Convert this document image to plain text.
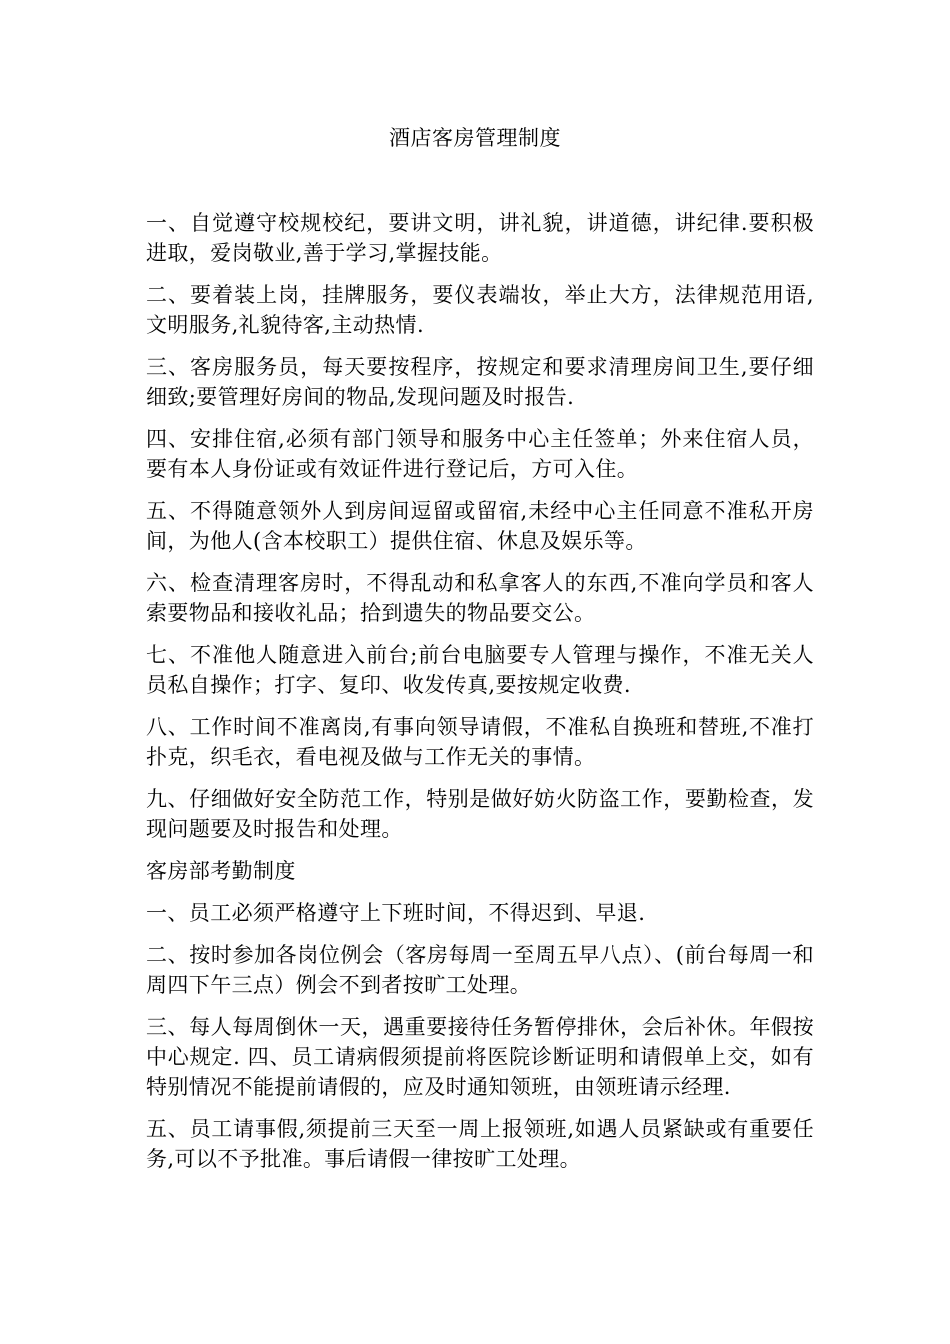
酒店客房管理制度

一、自觉遵守校规校纪，要讲文明，讲礼貌，讲道德，讲纪律.要积极进取，爱岗敬业,善于学习,掌握技能。

二、要着装上岗，挂牌服务，要仪表端妆，举止大方，法律规范用语,文明服务,礼貌待客,主动热情.

三、客房服务员，每天要按程序，按规定和要求清理房间卫生,要仔细细致;要管理好房间的物品,发现问题及时报告.

四、安排住宿,必须有部门领导和服务中心主任签单；外来住宿人员，要有本人身份证或有效证件进行登记后，方可入住。

五、不得随意领外人到房间逗留或留宿,未经中心主任同意不准私开房间，为他人(含本校职工）提供住宿、休息及娱乐等。

六、检查清理客房时，不得乱动和私拿客人的东西,不准向学员和客人索要物品和接收礼品；拾到遗失的物品要交公。

七、不准他人随意进入前台;前台电脑要专人管理与操作，不准无关人员私自操作；打字、复印、收发传真,要按规定收费.

八、工作时间不准离岗,有事向领导请假，不准私自换班和替班,不准打扑克，织毛衣，看电视及做与工作无关的事情。

九、仔细做好安全防范工作，特别是做好妨火防盗工作，要勤检查，发现问题要及时报告和处理。

客房部考勤制度

一、员工必须严格遵守上下班时间，不得迟到、早退.

二、按时参加各岗位例会（客房每周一至周五早八点）、(前台每周一和周四下午三点）例会不到者按旷工处理。

三、每人每周倒休一天，遇重要接待任务暂停排休，会后补休。年假按中心规定. 四、员工请病假须提前将医院诊断证明和请假单上交，如有特别情况不能提前请假的，应及时通知领班，由领班请示经理.

五、员工请事假,须提前三天至一周上报领班,如遇人员紧缺或有重要任务,可以不予批准。事后请假一律按旷工处理。
